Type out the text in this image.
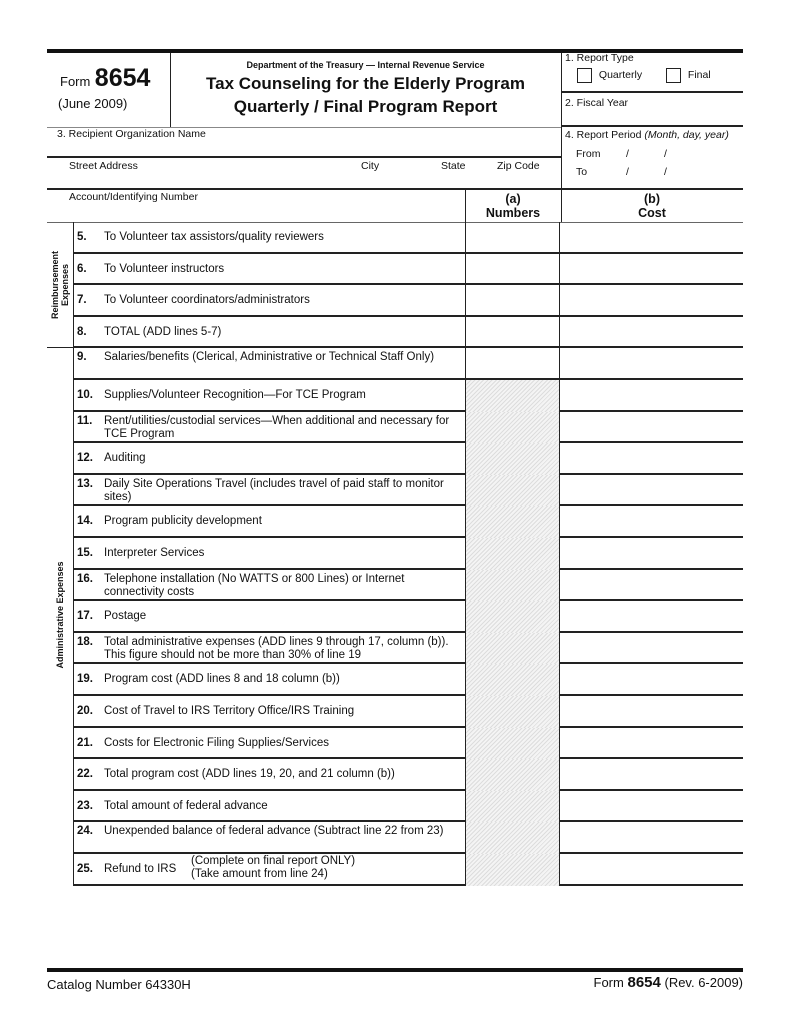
Form 8654
(June 2009)
Department of the Treasury — Internal Revenue Service
Tax Counseling for the Elderly Program
Quarterly / Final Program Report
1. Report Type
Quarterly	Final
2. Fiscal Year
4. Report Period (Month, day, year)
From /	/
To	/	/
3. Recipient Organization Name
Street Address	City	State	Zip Code
Account/Identifying Number	(a)
Numbers
(b)
Cost
Reimbursement Expenses
Administrative Expenses
5. To Volunteer tax assistors/quality reviewers
6. To Volunteer instructors
7. To Volunteer coordinators/administrators
8. TOTAL (ADD lines 5-7)
9. Salaries/benefits (Clerical, Administrative or Technical Staff Only)
10. Supplies/Volunteer Recognition—For TCE Program
11. Rent/utilities/custodial services—When additional and necessary for TCE Program
12. Auditing
13. Daily Site Operations Travel (includes travel of paid staff to monitor sites)
14. Program publicity development
15. Interpreter Services
16. Telephone installation (No WATTS or 800 Lines) or Internet connectivity costs
17. Postage
18. Total administrative expenses (ADD lines 9 through 17, column (b)). This figure should not be more than 30% of line 19
19. Program cost (ADD lines 8 and 18 column (b))
20. Cost of Travel to IRS Territory Office/IRS Training
21. Costs for Electronic Filing Supplies/Services
22. Total program cost (ADD lines 19, 20, and 21 column (b))
23. Total amount of federal advance
24. Unexpended balance of federal advance (Subtract line 22 from 23)
25. Refund to IRS
(Complete on final report ONLY)
(Take amount from line 24)
Catalog Number 64330H	Form 8654 (Rev. 6-2009)
